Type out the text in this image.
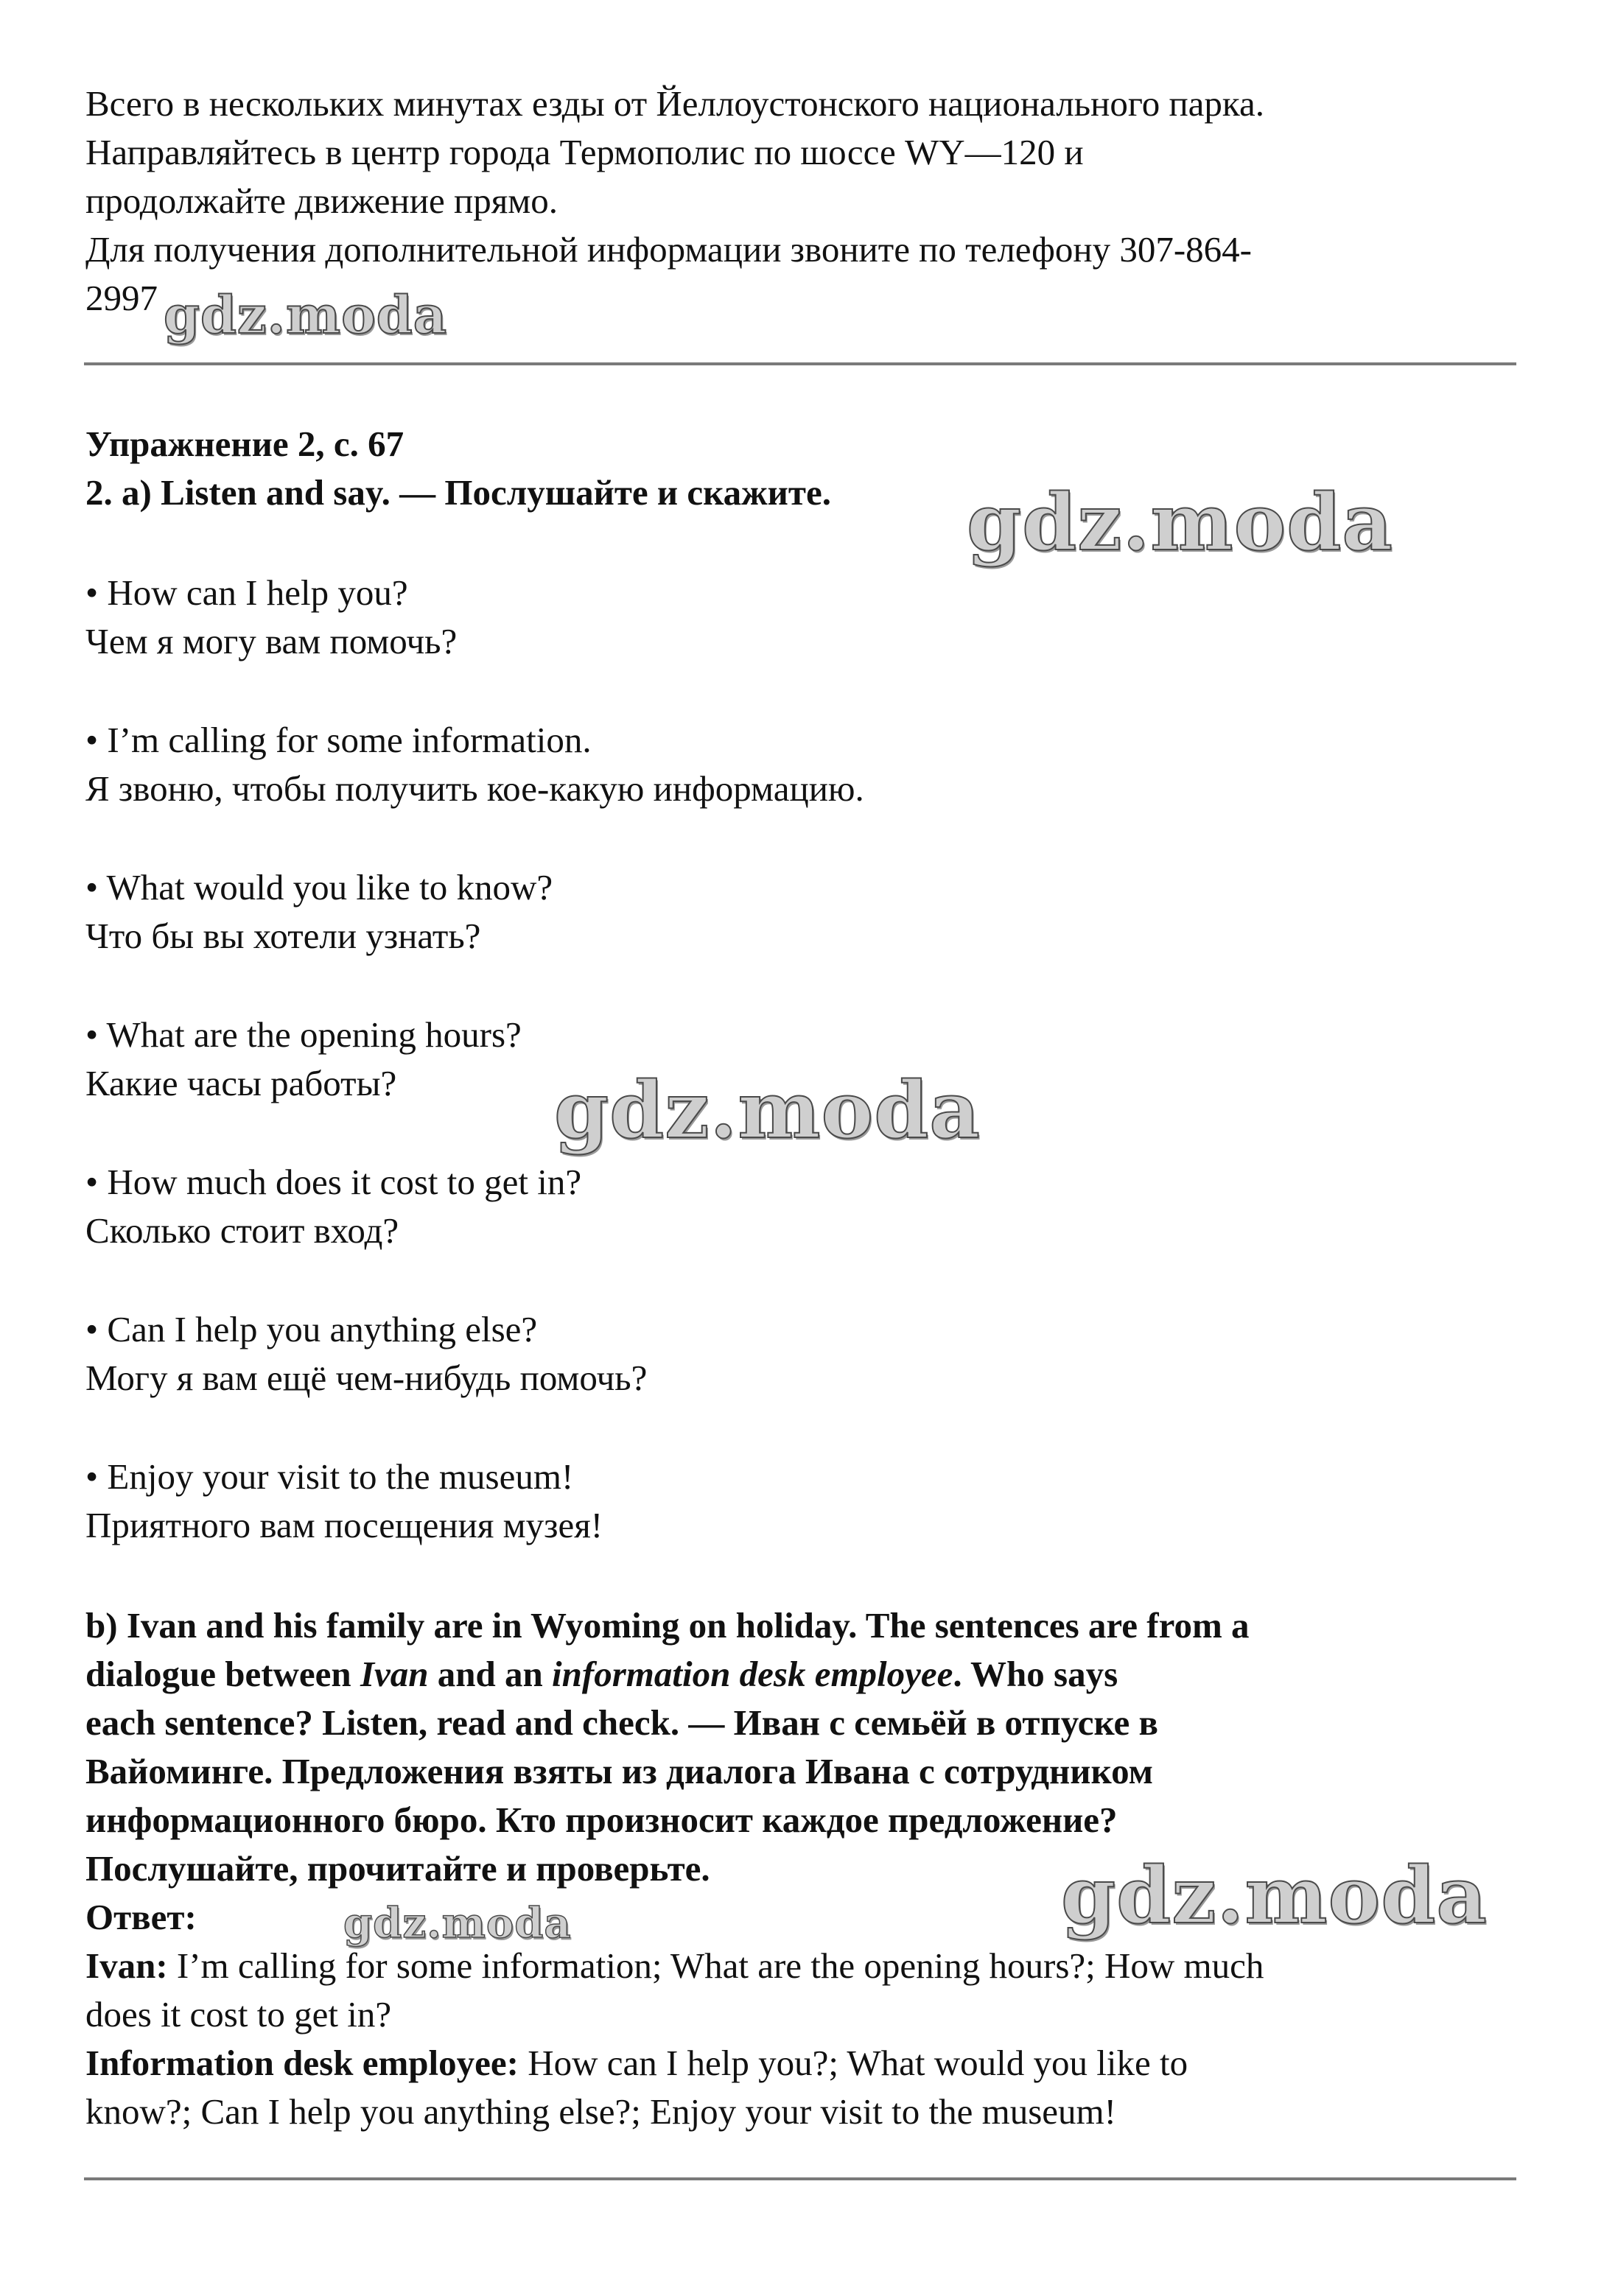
Всего в нескольких минутах езды от Йеллоустонского национального парка.
Направляйтесь в центр города Термополис по шоссе WY—120 и
продолжайте движение прямо.
Для получения дополнительной информации звоните по телефону 307-864-
2997 gdz.moda
Упражнение 2, с. 67
2. a) Listen and say. — Послушайте и скажите. gdz.moda
• How can I help you?
Чем я могу вам помочь?
• I’m calling for some information.
Я звоню, чтобы получить кое-какую информацию.
• What would you like to know?
Что бы вы хотели узнать?
• What are the opening hours?
Какие часы работы? gdz.moda
• How much does it cost to get in?
Сколько стоит вход?
• Can I help you anything else?
Могу я вам ещё чем-нибудь помочь?
• Enjoy your visit to the museum!
Приятного вам посещения музея!
b) Ivan and his family are in Wyoming on holiday. The sentences are from a
dialogue between Ivan and an information desk employee. Who says
each sentence? Listen, read and check. — Иван с семьёй в отпуске в
Вайоминге. Предложения взяты из диалога Ивана с сотрудником
информационного бюро. Кто произносит каждое предложение?
Послушайте, прочитайте и проверьте.	gdz.moda
Ответ:	gdz.moda
Ivan: I’m calling for some information; What are the opening hours?; How much
does it cost to get in?
Information desk employee: How can I help you?; What would you like to
know?; Can I help you anything else?; Enjoy your visit to the museum!
